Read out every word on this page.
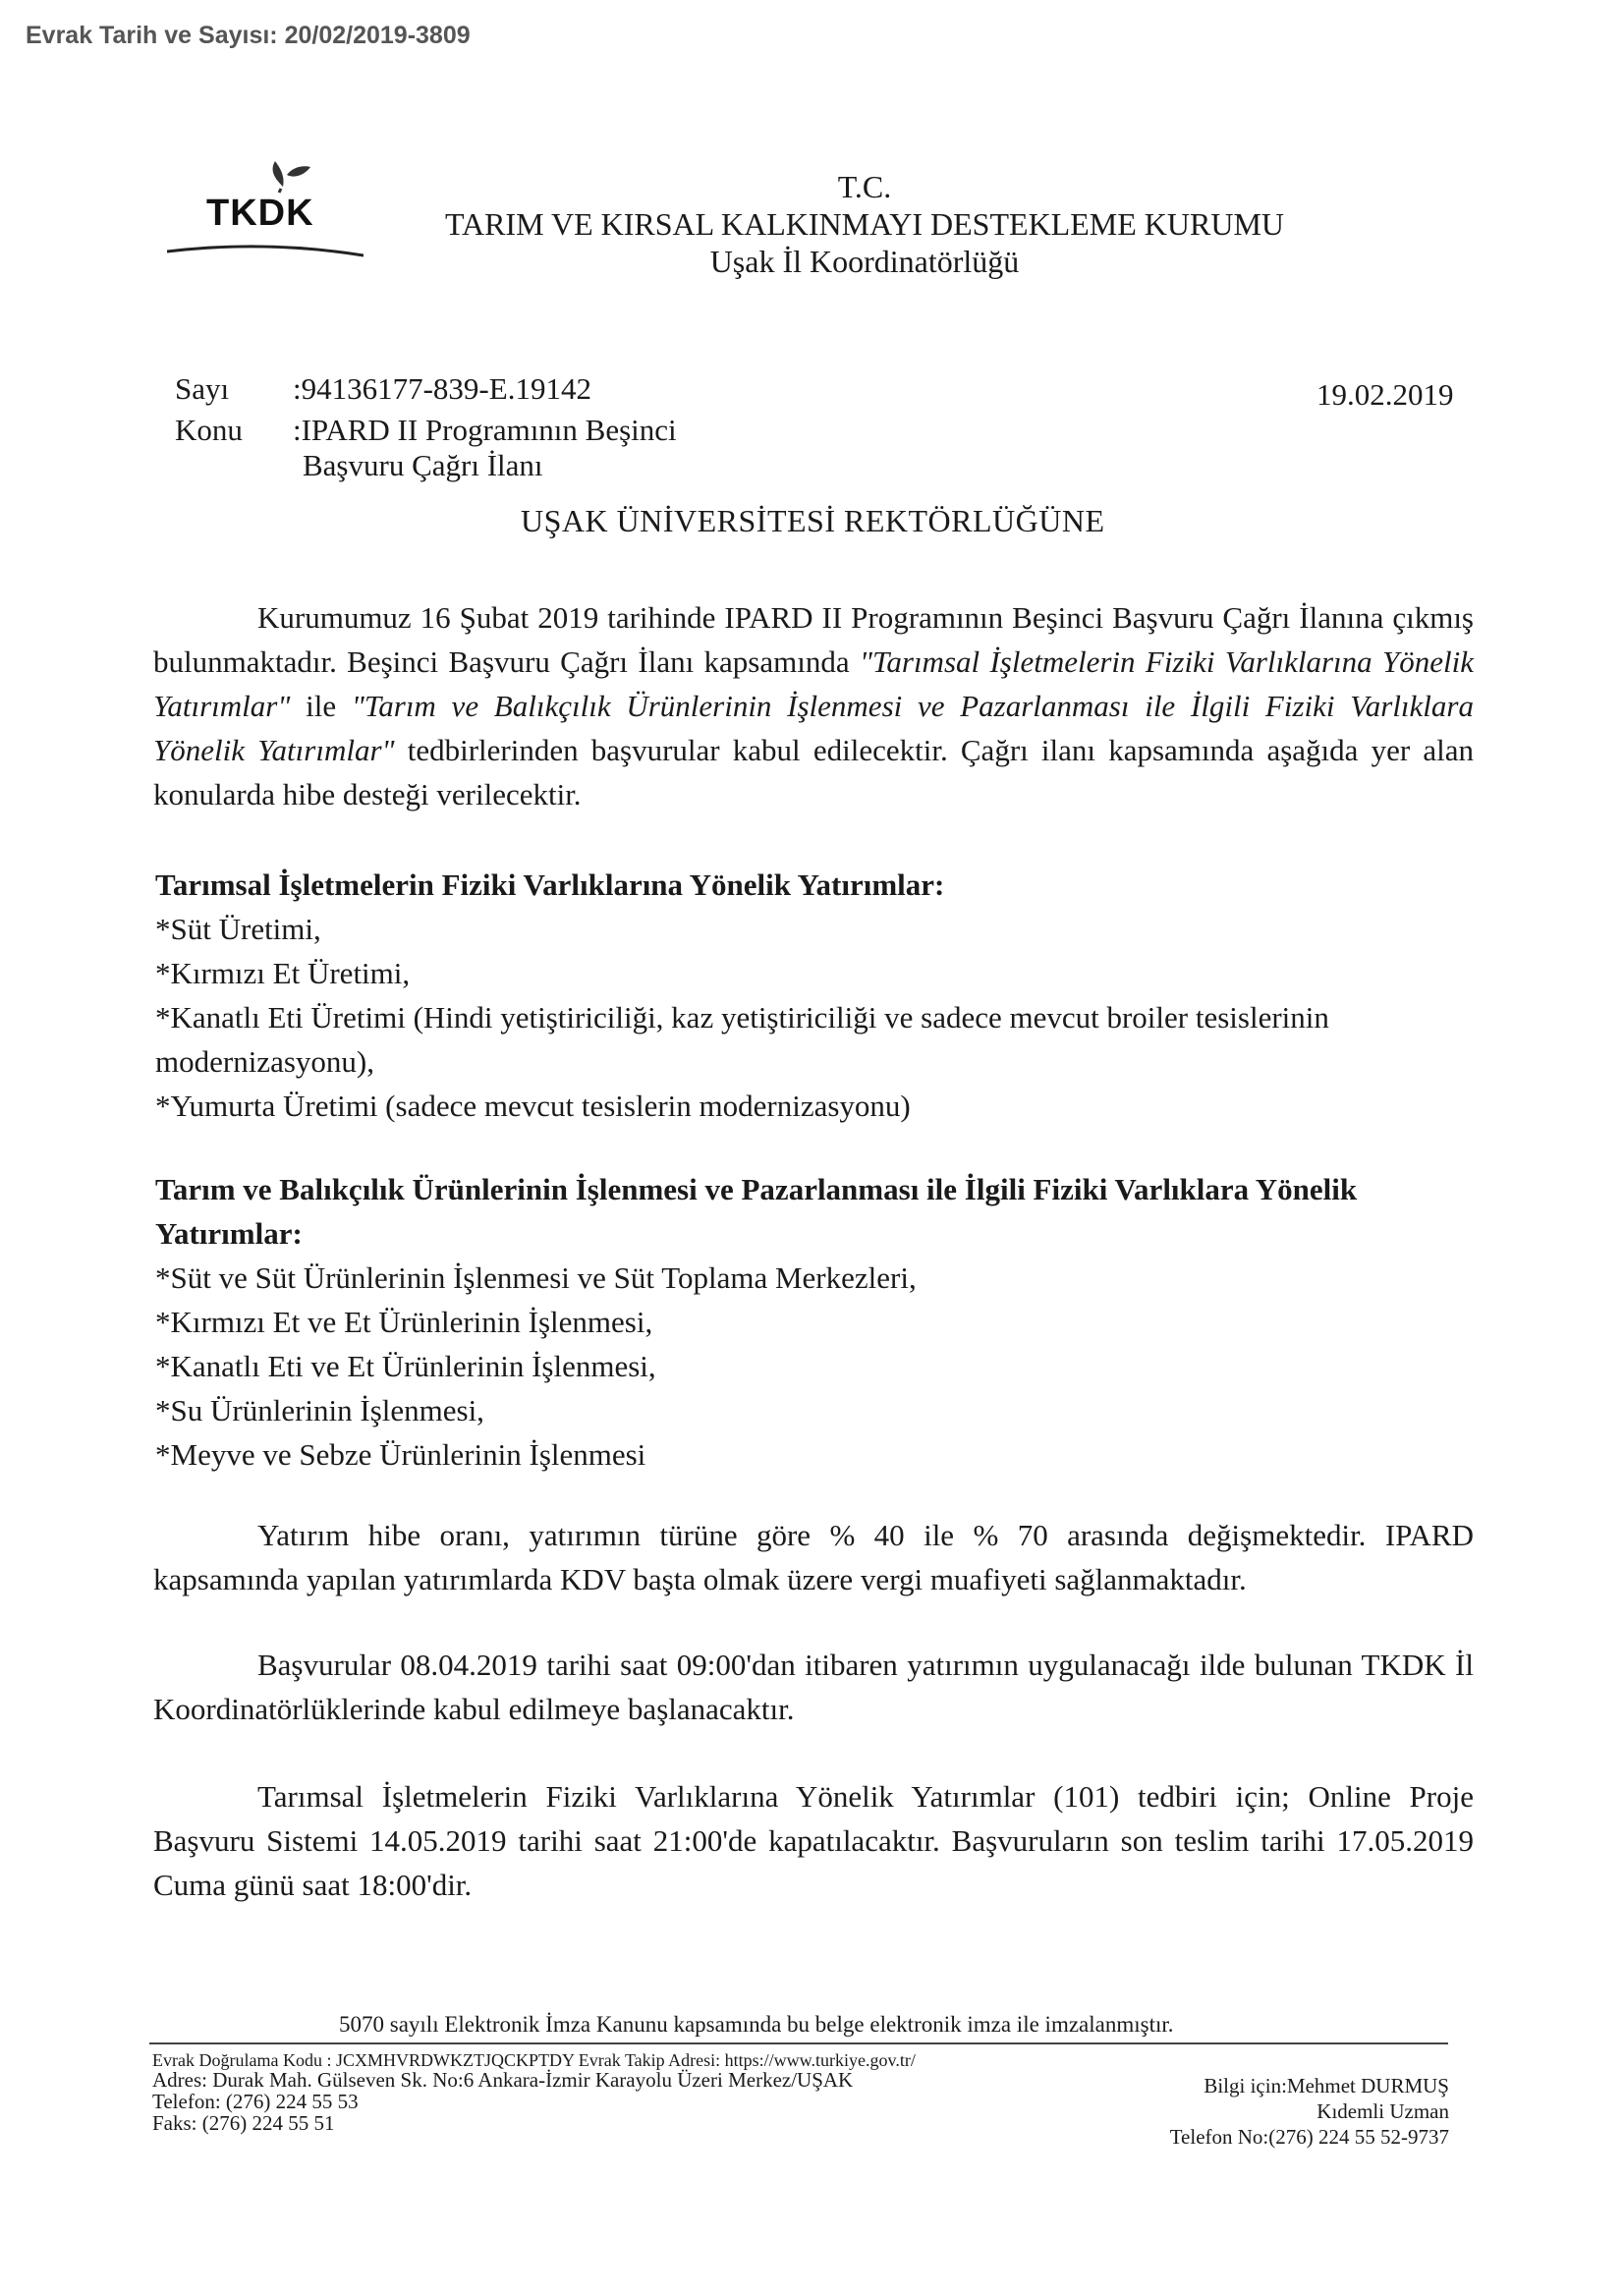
Evrak Tarih ve Sayısı: 20/02/2019-3809
TKDK
T.C.
TARIM VE KIRSAL KALKINMAYI DESTEKLEME KURUMU
Uşak İl Koordinatörlüğü
Sayı :94136177-839-E.19142	19.02.2019
Konu :IPARD II Programının Beşinci
Başvuru Çağrı İlanı
UŞAK ÜNİVERSİTESİ REKTÖRLÜĞÜNE

Kurumumuz 16 Şubat 2019 tarihinde IPARD II Programının Beşinci Başvuru Çağrı İlanına çıkmış bulunmaktadır. Beşinci Başvuru Çağrı İlanı kapsamında "Tarımsal İşletmelerin Fiziki Varlıklarına Yönelik Yatırımlar" ile "Tarım ve Balıkçılık Ürünlerinin İşlenmesi ve Pazarlanması ile İlgili Fiziki Varlıklara Yönelik Yatırımlar" tedbirlerinden başvurular kabul edilecektir. Çağrı ilanı kapsamında aşağıda yer alan konularda hibe desteği verilecektir.

Tarımsal İşletmelerin Fiziki Varlıklarına Yönelik Yatırımlar:
*Süt Üretimi,
*Kırmızı Et Üretimi,
*Kanatlı Eti Üretimi (Hindi yetiştiriciliği, kaz yetiştiriciliği ve sadece mevcut broiler tesislerinin modernizasyonu),
*Yumurta Üretimi (sadece mevcut tesislerin modernizasyonu)
Tarım ve Balıkçılık Ürünlerinin İşlenmesi ve Pazarlanması ile İlgili Fiziki Varlıklara Yönelik Yatırımlar:
*Süt ve Süt Ürünlerinin İşlenmesi ve Süt Toplama Merkezleri,
*Kırmızı Et ve Et Ürünlerinin İşlenmesi,
*Kanatlı Eti ve Et Ürünlerinin İşlenmesi,
*Su Ürünlerinin İşlenmesi,
*Meyve ve Sebze Ürünlerinin İşlenmesi

Yatırım hibe oranı, yatırımın türüne göre % 40 ile % 70 arasında değişmektedir. IPARD kapsamında yapılan yatırımlarda KDV başta olmak üzere vergi muafiyeti sağlanmaktadır.

Başvurular 08.04.2019 tarihi saat 09:00'dan itibaren yatırımın uygulanacağı ilde bulunan TKDK İl Koordinatörlüklerinde kabul edilmeye başlanacaktır.

Tarımsal İşletmelerin Fiziki Varlıklarına Yönelik Yatırımlar (101) tedbiri için; Online Proje Başvuru Sistemi 14.05.2019 tarihi saat 21:00'de kapatılacaktır. Başvuruların son teslim tarihi 17.05.2019 Cuma günü saat 18:00'dir.

5070 sayılı Elektronik İmza Kanunu kapsamında bu belge elektronik imza ile imzalanmıştır.
Evrak Doğrulama Kodu : JCXMHVRDWKZTJQCKPTDY Evrak Takip Adresi: https://www.turkiye.gov.tr/
Adres: Durak Mah. Gülseven Sk. No:6 Ankara-İzmir Karayolu Üzeri Merkez/UŞAK
Telefon: (276) 224 55 53
Faks: (276) 224 55 51
Bilgi için:Mehmet DURMUŞ
Kıdemli Uzman
Telefon No:(276) 224 55 52-9737
